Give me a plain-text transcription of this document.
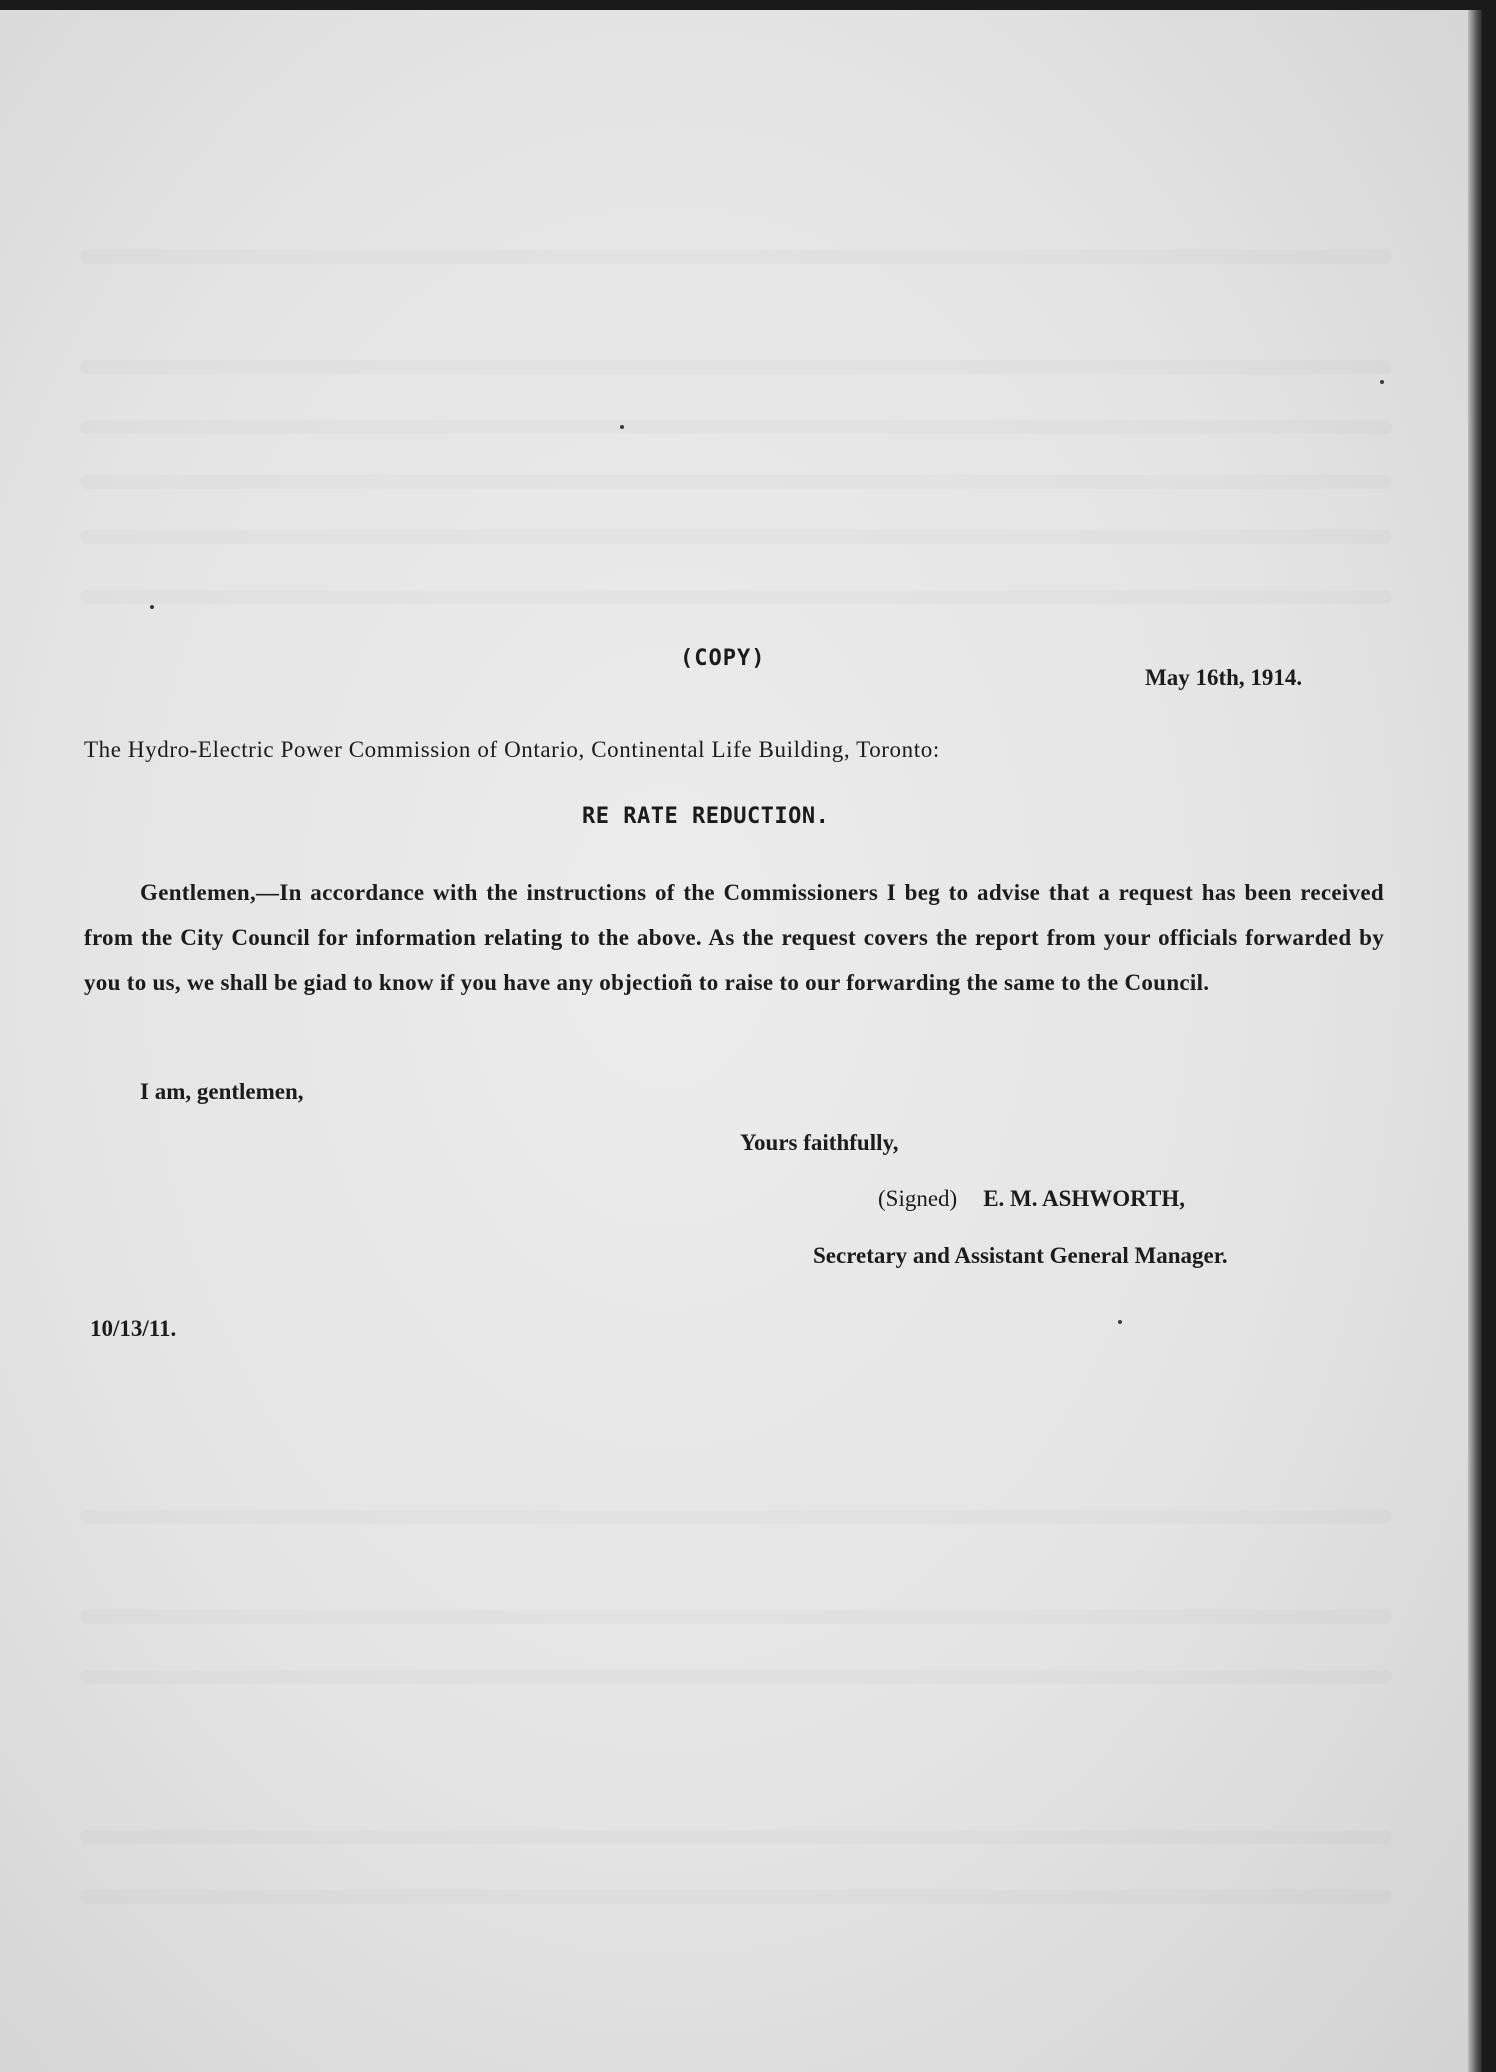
(COPY)
May 16th, 1914.
The Hydro-Electric Power Commission of Ontario, Continental Life Building, Toronto:
RE RATE REDUCTION.
Gentlemen,—In accordance with the instructions of the Commissioners I beg to advise that a request has been received from the City Council for information relating to the above. As the request covers the report from your officials forwarded by you to us, we shall be giad to know if you have any objectioñ to raise to our forwarding the same to the Council.
I am, gentlemen,
Yours faithfully,
(Signed) E. M. ASHWORTH,
Secretary and Assistant General Manager.
10/13/11.
